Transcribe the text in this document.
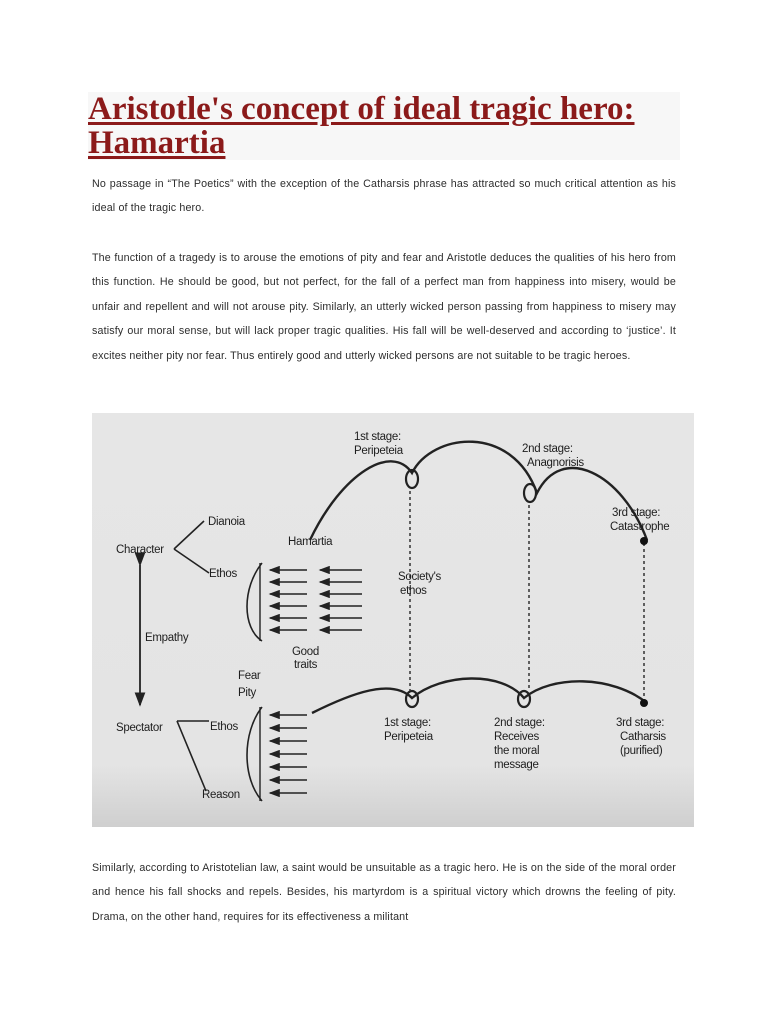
Aristotle's concept of ideal tragic hero: Hamartia

No passage in “The Poetics” with the exception of the Catharsis phrase has attracted so much critical attention as his ideal of the tragic hero.

The function of a tragedy is to arouse the emotions of pity and fear and Aristotle deduces the qualities of his hero from this function. He should be good, but not perfect, for the fall of a perfect man from happiness into misery, would be unfair and repellent and will not arouse pity. Similarly, an utterly wicked person passing from happiness to misery may satisfy our moral sense, but will lack proper tragic qualities. His fall will be well-deserved and according to ‘justice’. It excites neither pity nor fear. Thus entirely good and utterly wicked persons are not suitable to be tragic heroes.

1st stage:
Peripeteia	2nd stage:
Anagnorisis
3rd stage:
Catastrophe
Dianoia
Character
Ethos
Hamartia
Society's
ethos
Empathy
Good
traits
Fear
Pity
Spectator	Ethos
Reason
1st stage:
Peripeteia
2nd stage:
Receives
the moral
message
3rd stage:
Catharsis
(purified)

Similarly, according to Aristotelian law, a saint would be unsuitable as a tragic hero. He is on the side of the moral order and hence his fall shocks and repels. Besides, his martyrdom is a spiritual victory which drowns the feeling of pity. Drama, on the other hand, requires for its effectiveness a militant
